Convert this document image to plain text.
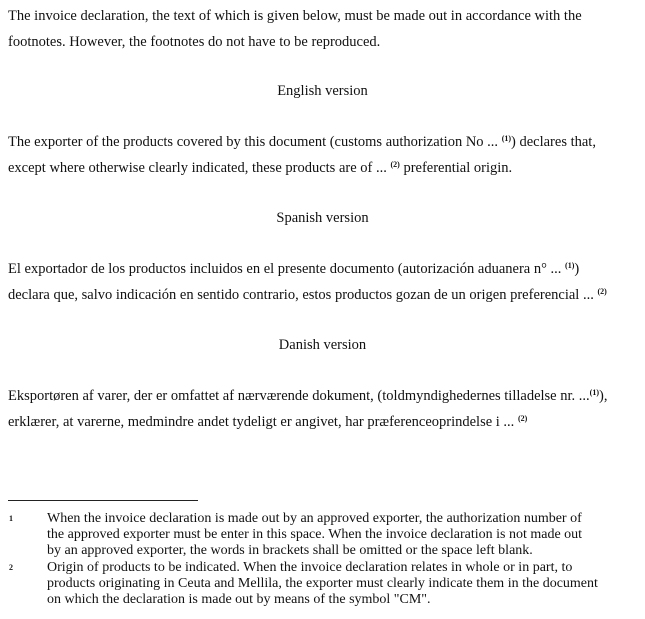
The invoice declaration, the text of which is given below, must be made out in accordance with the
footnotes. However, the footnotes do not have to be reproduced.

English version

The exporter of the products covered by this document (customs authorization No ... $^{(1)}$) declares that,
except where otherwise clearly indicated, these products are of ... $^{(2)}$ preferential origin.

Spanish version

El exportador de los productos incluidos en el presente documento (autorización aduanera n° ... $^{(1)}$)
declara que, salvo indicación en sentido contrario, estos productos gozan de un origen preferencial ... $^{(2)}$

Danish version

Eksportøren af varer, der er omfattet af nærværende dokument, (toldmyndighedernes tilladelse nr. ...$^{(1)}$),
erklærer, at varerne, medmindre andet tydeligt er angivet, har præferenceoprindelse i ... $^{(2)}$

1 When the invoice declaration is made out by an approved exporter, the authorization number of
the approved exporter must be enter in this space. When the invoice declaration is not made out
by an approved exporter, the words in brackets shall be omitted or the space left blank.
2 Origin of products to be indicated. When the invoice declaration relates in whole or in part, to
products originating in Ceuta and Mellila, the exporter must clearly indicate them in the document
on which the declaration is made out by means of the symbol "CM".
